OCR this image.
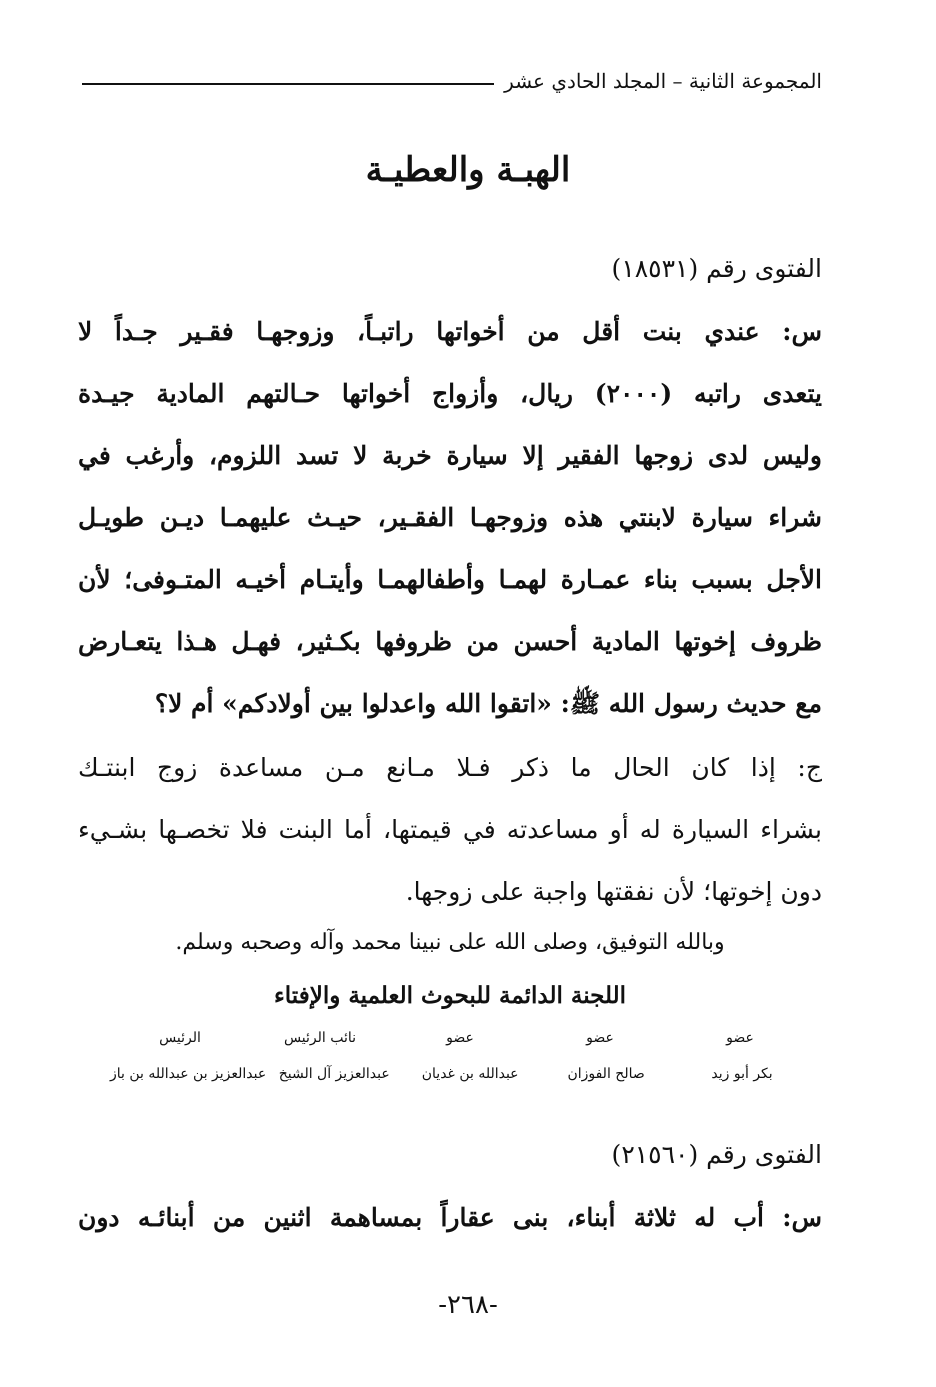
المجموعة الثانية – المجلد الحادي عشر
الهبـة والعطيـة
الفتوى رقم (١٨٥٣١)
س: عندي بنت أقل من أخواتها راتبـاً، وزوجهـا فقـير جـداً لا
يتعدى راتبه (٢٠٠٠) ريال، وأزواج أخواتها حـالتهم المادية جيـدة
وليس لدى زوجها الفقير إلا سيارة خربة لا تسد اللزوم، وأرغب في
شراء سيارة لابنتي هذه وزوجهـا الفقـير، حيـث عليهمـا ديـن طويـل
الأجل بسبب بناء عمـارة لهمـا وأطفالهمـا وأيتـام أخيـه المتـوفى؛ لأن
ظروف إخوتها المادية أحسن من ظروفها بكـثير، فهـل هـذا يتعـارض
مع حديث رسول الله ﷺ: «اتقوا الله واعدلوا بين أولادكم» أم لا؟
ج: إذا كان الحال ما ذكر فـلا مـانع مـن مساعدة زوج ابنتـك
بشراء السيارة له أو مساعدته في قيمتها، أما البنت فلا تخصـها بشـيء
دون إخوتها؛ لأن نفقتها واجبة على زوجها.
وبالله التوفيق، وصلى الله على نبينا محمد وآله وصحبه وسلم.
اللجنة الدائمة للبحوث العلمية والإفتاء
عضو
عضو
عضو
نائب الرئيس
الرئيس
بكر أبو زيد
صالح الفوزان
عبدالله بن غديان
عبدالعزيز آل الشيخ
عبدالعزيز بن عبدالله بن باز
الفتوى رقم (٢١٥٦٠)
س: أب له ثلاثة أبناء، بنى عقاراً بمساهمة اثنين من أبنائـه دون
-٢٦٨-
